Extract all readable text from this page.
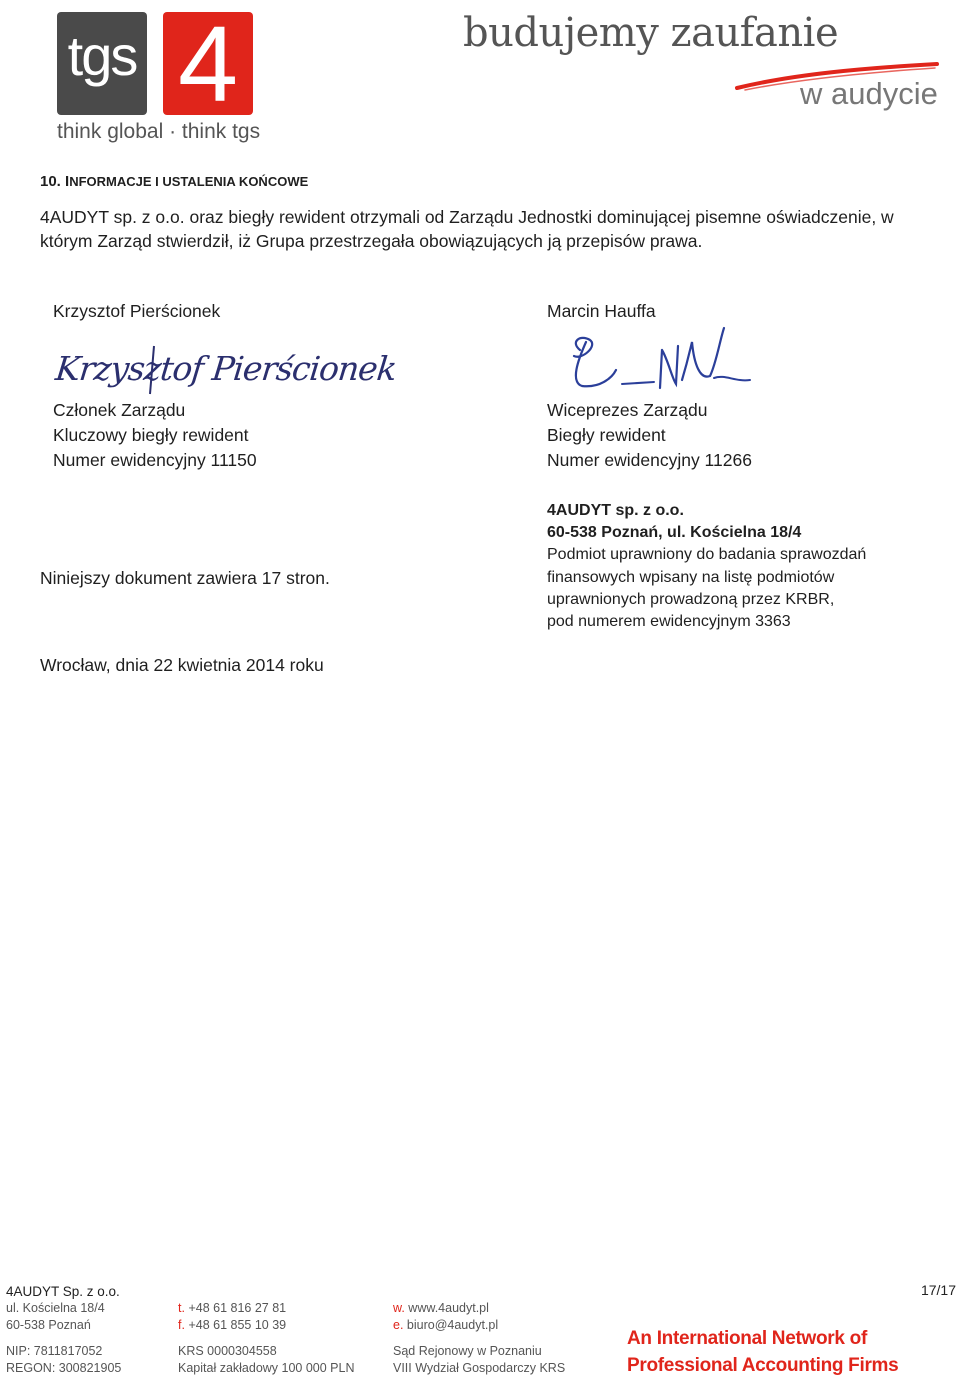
tgs 4
think global · think tgs
budujemy zaufanie
w audycie
10. INFORMACJE I USTALENIA KOŃCOWE
4AUDYT sp. z o.o. oraz biegły rewident otrzymali od Zarządu Jednostki dominującej pisemne oświadczenie, w którym Zarząd stwierdził, iż Grupa przestrzegała obowiązujących ją przepisów prawa.
Krzysztof Pierścionek
Krzysztof Pierścionek
Członek Zarządu
Kluczowy biegły rewident
Numer ewidencyjny 11150
Marcin Hauffa
Wiceprezes Zarządu
Biegły rewident
Numer ewidencyjny 11266
4AUDYT sp. z o.o.
60-538 Poznań, ul. Kościelna 18/4
Podmiot uprawniony do badania sprawozdań
finansowych wpisany na listę podmiotów
uprawnionych prowadzoną przez KRBR,
pod numerem ewidencyjnym 3363
Niniejszy dokument zawiera 17 stron.
Wrocław, dnia 22 kwietnia 2014 roku
4AUDYT Sp. z o.o.
ul. Kościelna 18/4
60-538 Poznań
t. +48 61 816 27 81
f. +48 61 855 10 39
w. www.4audyt.pl
e. biuro@4audyt.pl
NIP: 7811817052
REGON: 300821905
KRS 0000304558
Kapitał zakładowy 100 000 PLN
Sąd Rejonowy w Poznaniu
VIII Wydział Gospodarczy KRS
17/17
An International Network of
Professional Accounting Firms
